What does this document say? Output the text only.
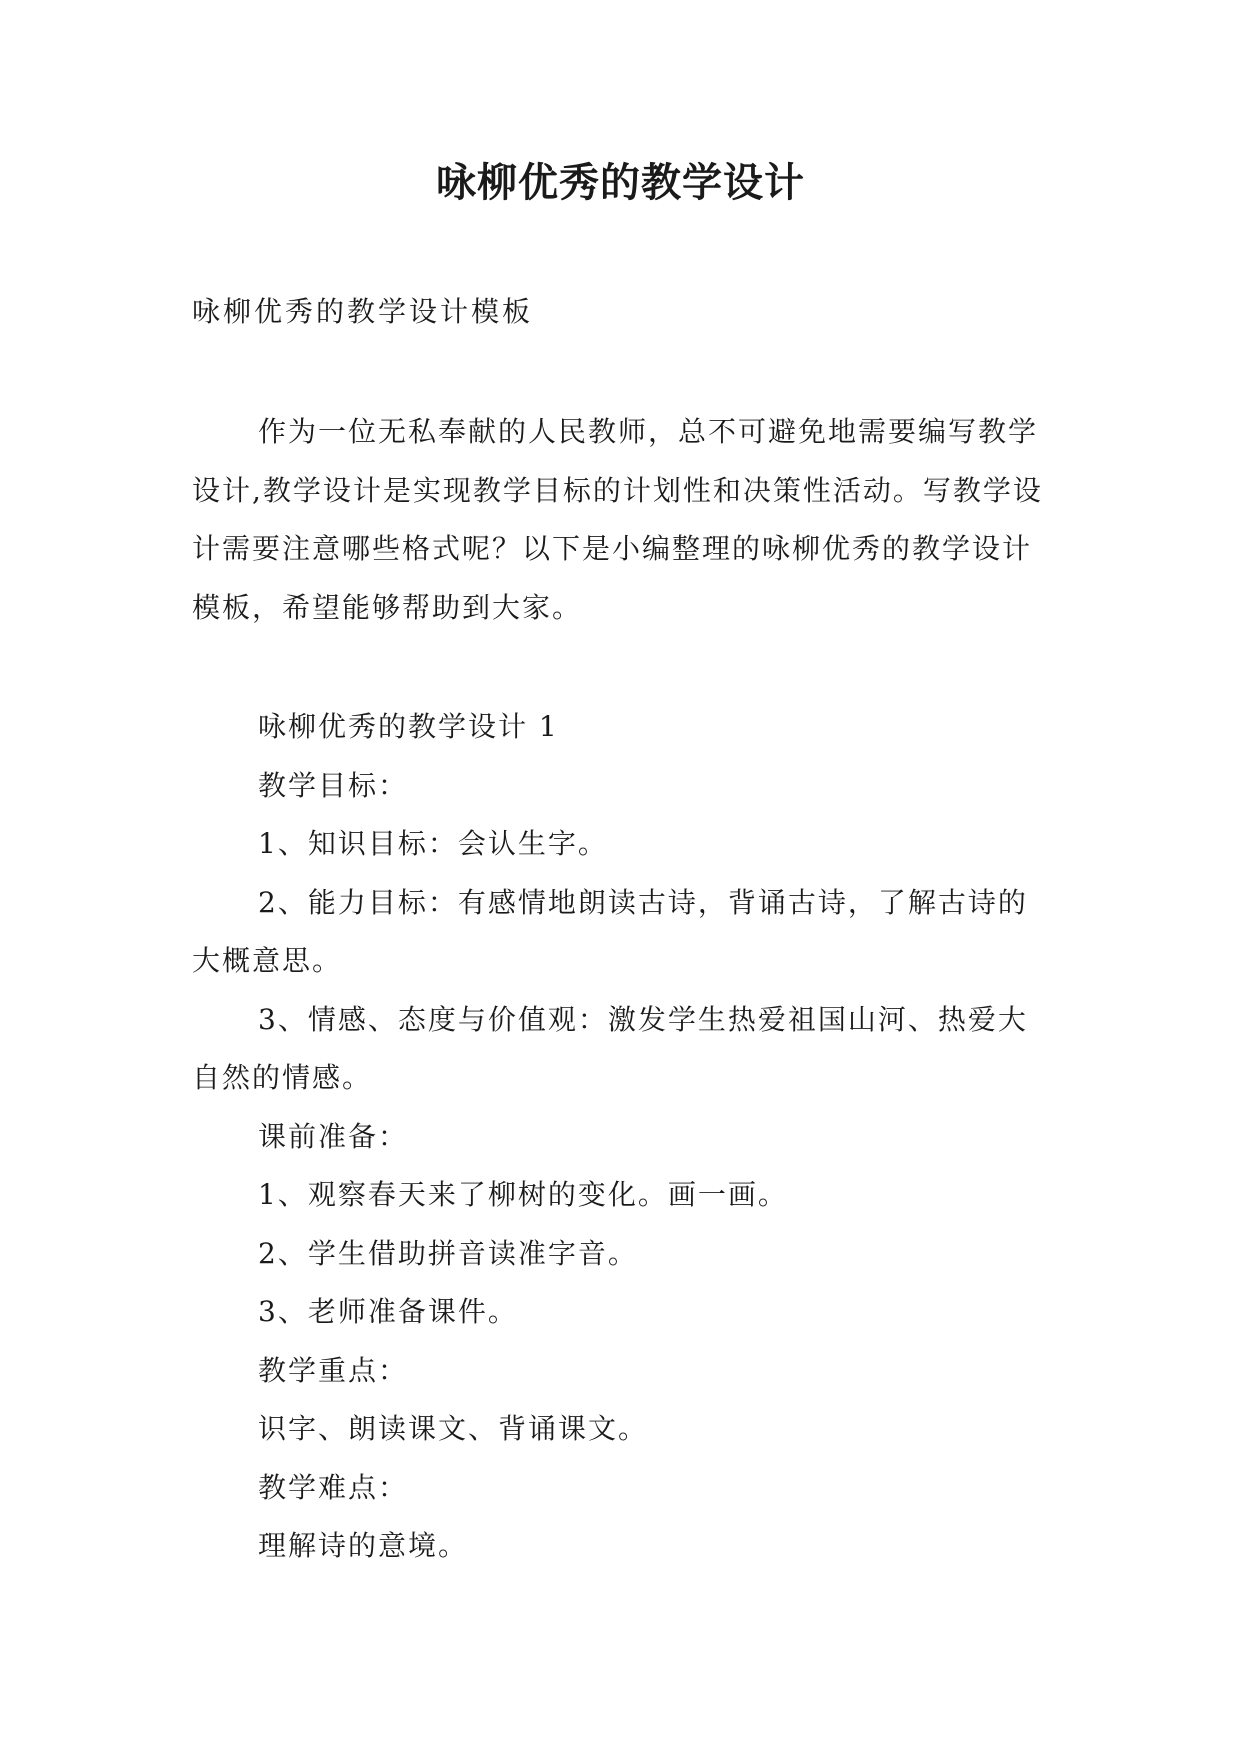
咏柳优秀的教学设计

咏柳优秀的教学设计模板

作为一位无私奉献的人民教师，总不可避免地需要编写教学设计,教学设计是实现教学目标的计划性和决策性活动。写教学设计需要注意哪些格式呢？以下是小编整理的咏柳优秀的教学设计模板，希望能够帮助到大家。

咏柳优秀的教学设计 1

教学目标：

1、知识目标：会认生字。

2、能力目标：有感情地朗读古诗，背诵古诗，了解古诗的大概意思。

3、情感、态度与价值观：激发学生热爱祖国山河、热爱大自然的情感。

课前准备：

1、观察春天来了柳树的变化。画一画。

2、学生借助拼音读准字音。

3、老师准备课件。

教学重点：

识字、朗读课文、背诵课文。

教学难点：

理解诗的意境。
